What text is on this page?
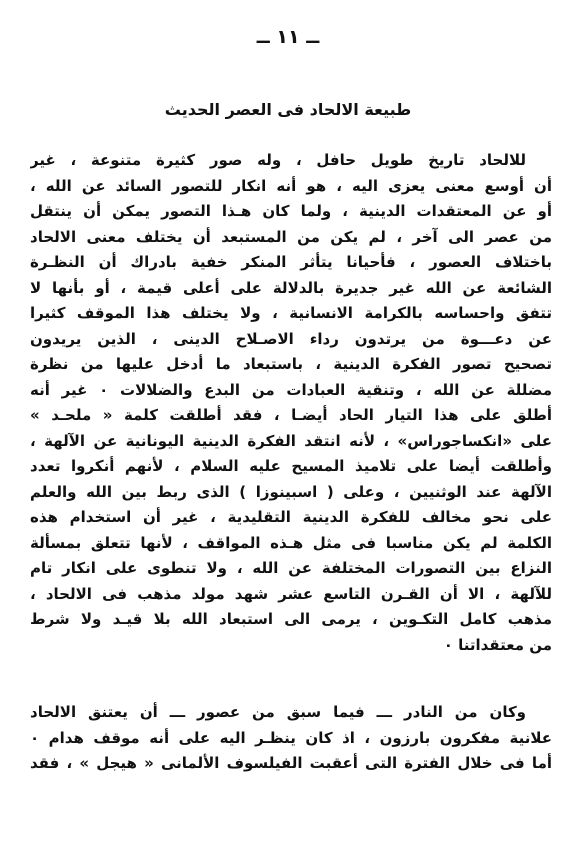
ــ ١١ ــ
طبيعة الالحاد فى العصر الحديث
للالحاد تاريخ طويل حافل ، وله صور كثيرة متنوعة ، غير
أن أوسع معنى يعزى اليه ، هو أنه انكار للتصور السائد عن الله ،
أو عن المعتقدات الدينية ، ولما كان هـذا التصور يمكن أن ينتقل
من عصر الى آخر ، لم يكن من المستبعد أن يختلف معنى الالحاد
باختلاف العصور ، فأحيانا يتأثر المنكر خفية بادراك أن النظـرة
الشائعة عن الله غير جديرة بالدلالة على أعلى قيمة ، أو بأنها لا
تتفق واحساسه بالكرامة الانسانية ، ولا يختلف هذا الموقف كثيرا
عن دعـــوة من يرتدون رداء الاصـلاح الدينى ، الذين يريدون
تصحيح تصور الفكرة الدينية ، باستبعاد ما أدخل عليها من نظرة
مضللة عن الله ، وتنقية العبادات من البدع والضلالات ٠ غير أنه
أطلق على هذا التيار الحاد أيضـا ، فقد أطلقت كلمة « ملحـد »
على «انكساجوراس» ، لأنه انتقد الفكرة الدينية اليونانية عن الآلهة ،
وأطلقت أيضا على تلاميذ المسيح عليه السلام ، لأنهم أنكروا تعدد
الآلهة عند الوثنيين ، وعلى ( اسبينوزا ) الذى ربط بين الله والعلم
على نحو مخالف للفكرة الدينية التقليدية ، غير أن استخدام هذه
الكلمة لم يكن مناسبا فى مثل هـذه المواقف ، لأنها تتعلق بمسألة
النزاع بين التصورات المختلفة عن الله ، ولا تنطوى على انكار تام
للآلهة ، الا أن القـرن التاسع عشر شهد مولد مذهب فى الالحاد ،
مذهب كامل التكـوين ، يرمى الى استبعاد الله بلا قيـد ولا شرط
من معتقداتنا ٠
وكان من النادر ـــ فيما سبق من عصور ـــ أن يعتنق الالحاد
علانية مفكرون بارزون ، اذ كان ينظـر اليه على أنه موقف هدام ٠
أما فى خلال الفترة التى أعقبت الفيلسوف الألمانى « هيجل » ، فقد
